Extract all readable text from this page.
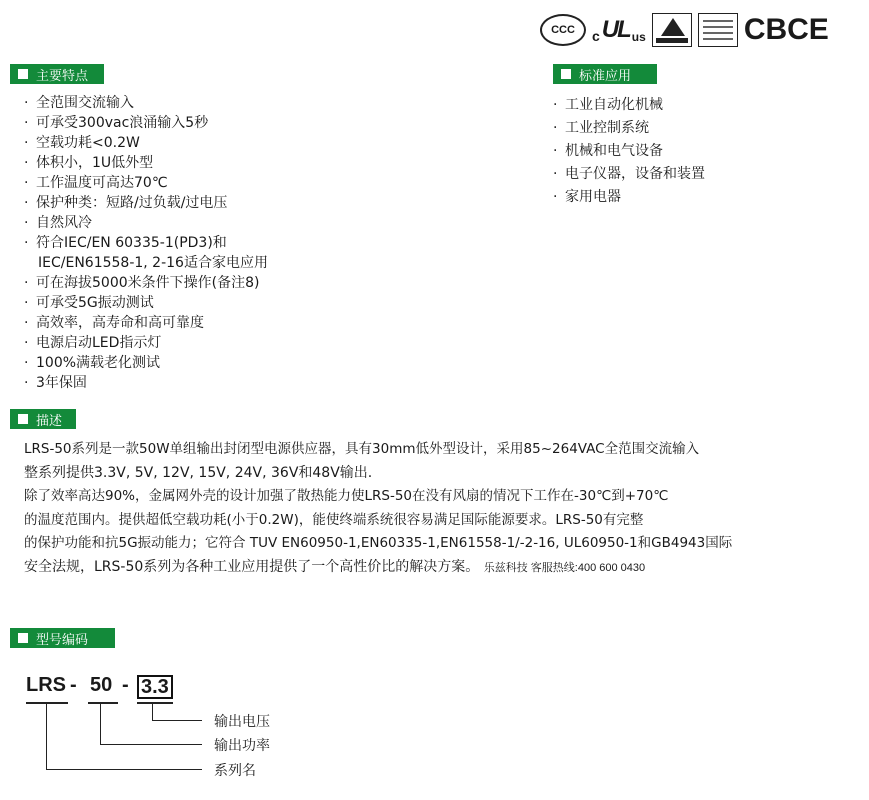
CCC c UL us	CBCE
主要特点
· 全范围交流输入
· 可承受300vac浪涌输入5秒
· 空载功耗<0.2W
· 体积小，1U低外型
· 工作温度可高达70℃
· 保护种类：短路/过负载/过电压
· 自然风冷
· 符合IEC/EN 60335-1(PD3)和
IEC/EN61558-1, 2-16适合家电应用
· 可在海拔5000米条件下操作(备注8)
· 可承受5G振动测试
· 高效率，高寿命和高可靠度
· 电源启动LED指示灯
· 100%满载老化测试
· 3年保固
标准应用
· 工业自动化机械
· 工业控制系统
· 机械和电气设备
· 电子仪器，设备和装置
· 家用电器
描述
LRS-50系列是一款50W单组输出封闭型电源供应器，具有30mm低外型设计，采用85~264VAC全范围交流输入
整系列提供3.3V, 5V, 12V, 15V, 24V, 36V和48V输出.
除了效率高达90%，金属网外壳的设计加强了散热能力使LRS-50在没有风扇的情况下工作在-30℃到+70℃
的温度范围内。提供超低空载功耗(小于0.2W)，能使终端系统很容易满足国际能源要求。LRS-50有完整
的保护功能和抗5G振动能力；它符合 TUV EN60950-1,EN60335-1,EN61558-1/-2-16, UL60950-1和GB4943国际
安全法规，LRS-50系列为各种工业应用提供了一个高性价比的解决方案。 乐兹科技 客服热线:400 600 0430
型号编码
LRS - 50 - 3.3
输出电压
输出功率
系列名
